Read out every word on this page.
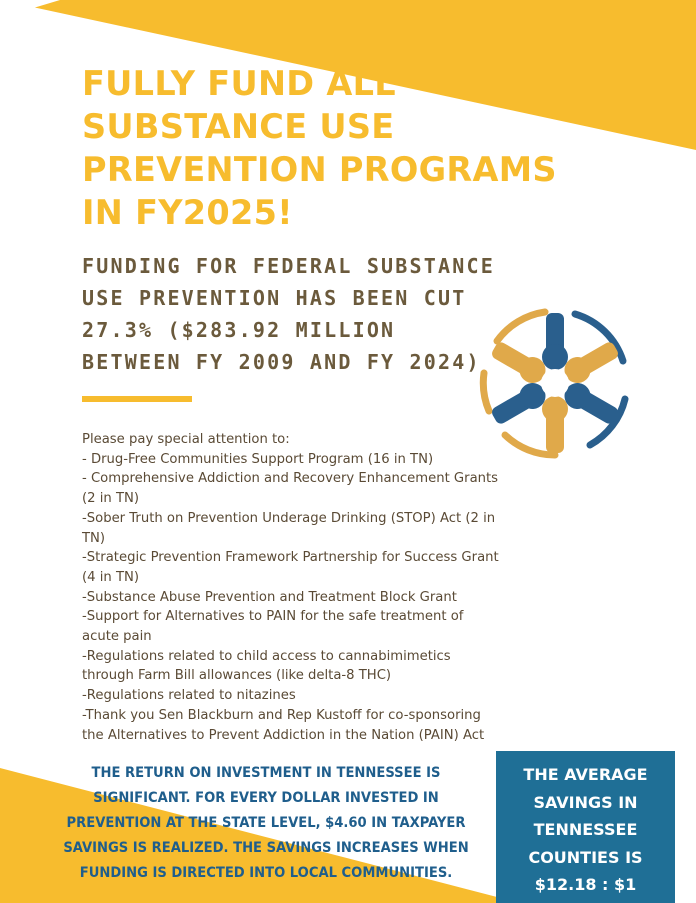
FULLY FUND ALL
SUBSTANCE USE
PREVENTION PROGRAMS
IN FY2025!
FUNDING FOR FEDERAL SUBSTANCE
USE PREVENTION HAS BEEN CUT
27.3% ($283.92 MILLION
BETWEEN FY 2009 AND FY 2024)
Please pay special attention to:
- Drug-Free Communities Support Program (16 in TN)
- Comprehensive Addiction and Recovery Enhancement Grants
(2 in TN)
-Sober Truth on Prevention Underage Drinking (STOP) Act (2 in
TN)
-Strategic Prevention Framework Partnership for Success Grant
(4 in TN)
-Substance Abuse Prevention and Treatment Block Grant
-Support for Alternatives to PAIN for the safe treatment of
acute pain
-Regulations related to child access to cannabimimetics
through Farm Bill allowances (like delta-8 THC)
-Regulations related to nitazines
-Thank you Sen Blackburn and Rep Kustoff for co-sponsoring
the Alternatives to Prevent Addiction in the Nation (PAIN) Act
THE RETURN ON INVESTMENT IN TENNESSEE IS
SIGNIFICANT. FOR EVERY DOLLAR INVESTED IN
PREVENTION AT THE STATE LEVEL, $4.60 IN TAXPAYER
SAVINGS IS REALIZED. THE SAVINGS INCREASES WHEN
FUNDING IS DIRECTED INTO LOCAL COMMUNITIES.
THE AVERAGE
SAVINGS IN
TENNESSEE
COUNTIES IS
$12.18 : $1
